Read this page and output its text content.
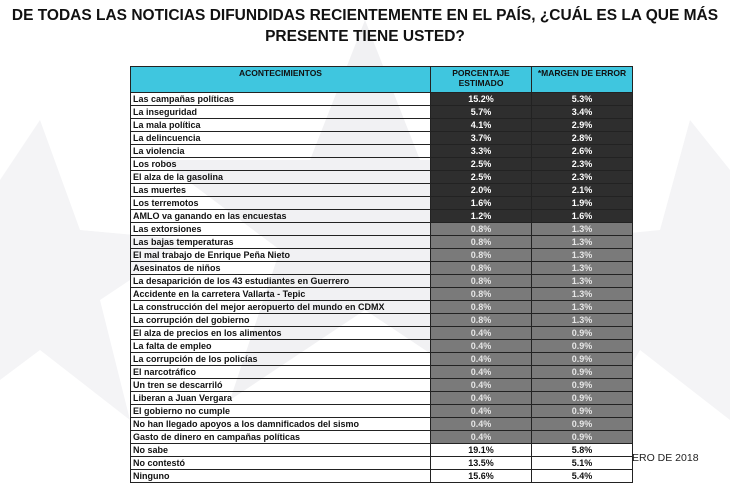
DE TODAS LAS NOTICIAS DIFUNDIDAS RECIENTEMENTE EN EL PAÍS, ¿CUÁL ES LA QUE MÁS
PRESENTE TIENE USTED?
ACONTECIMIENTOS	PORCENTAJE ESTIMADO	*MARGEN DE ERROR
Las campañas políticas	15.2%	5.3%
La inseguridad	5.7%	3.4%
La mala política	4.1%	2.9%
La delincuencia	3.7%	2.8%
La violencia	3.3%	2.6%
Los robos	2.5%	2.3%
El alza de la gasolina	2.5%	2.3%
Las muertes	2.0%	2.1%
Los terremotos	1.6%	1.9%
AMLO va ganando en las encuestas	1.2%	1.6%
Las extorsiones	0.8%	1.3%
Las bajas temperaturas	0.8%	1.3%
El mal trabajo de Enrique Peña Nieto	0.8%	1.3%
Asesinatos de niños	0.8%	1.3%
La desaparición de los 43 estudiantes en Guerrero	0.8%	1.3%
Accidente en la carretera Vallarta - Tepic	0.8%	1.3%
La construcción del mejor aeropuerto del mundo en CDMX	0.8%	1.3%
La corrupción del gobierno	0.8%	1.3%
El alza de precios en los alimentos	0.4%	0.9%
La falta de empleo	0.4%	0.9%
La corrupción de los policías	0.4%	0.9%
El narcotráfico	0.4%	0.9%
Un tren se descarriló	0.4%	0.9%
Liberan a Juan Vergara	0.4%	0.9%
El gobierno no cumple	0.4%	0.9%
No han llegado apoyos a los damnificados del sismo	0.4%	0.9%
Gasto de dinero en campañas políticas	0.4%	0.9%
No sabe	19.1%	5.8%
No contestó	13.5%	5.1%
Ninguno	15.6%	5.4%
ERO DE 2018
